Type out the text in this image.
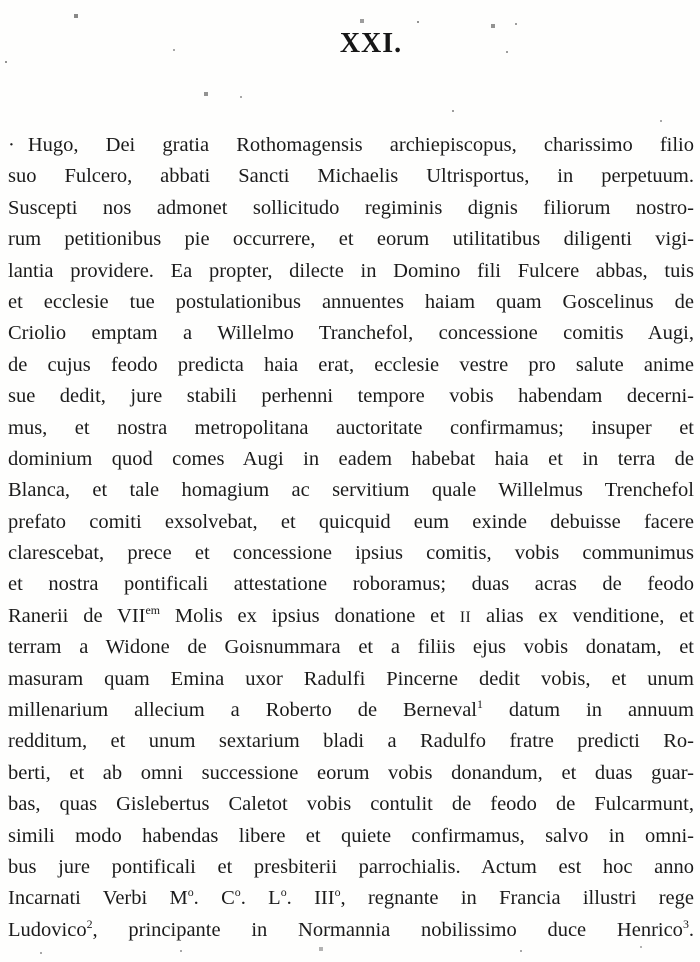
XXI.
· Hugo, Dei gratia Rothomagensis archiepiscopus, charissimo filio
suo Fulcero, abbati Sancti Michaelis Ultrisportus, in perpetuum.
Suscepti nos admonet sollicitudo regiminis dignis filiorum nostro-
rum petitionibus pie occurrere, et eorum utilitatibus diligenti vigi-
lantia providere. Ea propter, dilecte in Domino fili Fulcere abbas, tuis
et ecclesie tue postulationibus annuentes haiam quam Goscelinus de
Criolio emptam a Willelmo Tranchefol, concessione comitis Augi,
de cujus feodo predicta haia erat, ecclesie vestre pro salute anime
sue dedit, jure stabili perhenni tempore vobis habendam decerni-
mus, et nostra metropolitana auctoritate confirmamus; insuper et
dominium quod comes Augi in eadem habebat haia et in terra de
Blanca, et tale homagium ac servitium quale Willelmus Trenchefol
prefato comiti exsolvebat, et quicquid eum exinde debuisse facere
clarescebat, prece et concessione ipsius comitis, vobis communimus
et nostra pontificali attestatione roboramus; duas acras de feodo
Ranerii de $VII^{em}$ Molis ex ipsius donatione et II alias ex venditione, et
terram a Widone de Goisnummara et a filiis ejus vobis donatam, et
masuram quam Emina uxor Radulfi Pincerne dedit vobis, et unum
millenarium allecium a Roberto de Berneval$^1$ datum in annuum
redditum, et unum sextarium bladi a Radulfo fratre predicti Ro-
berti, et ab omni successione eorum vobis donandum, et duas guar-
bas, quas Gislebertus Caletot vobis contulit de feodo de Fulcarmunt,
simili modo habendas libere et quiete confirmamus, salvo in omni-
bus jure pontificali et presbiterii parrochialis. Actum est hoc anno
Incarnati Verbi $M^o$. $C^o$. $L^o$. III$^o$, regnante in Francia illustri rege
Ludovico$^2$, principante in Normannia nobilissimo duce Henrico$^3$.
